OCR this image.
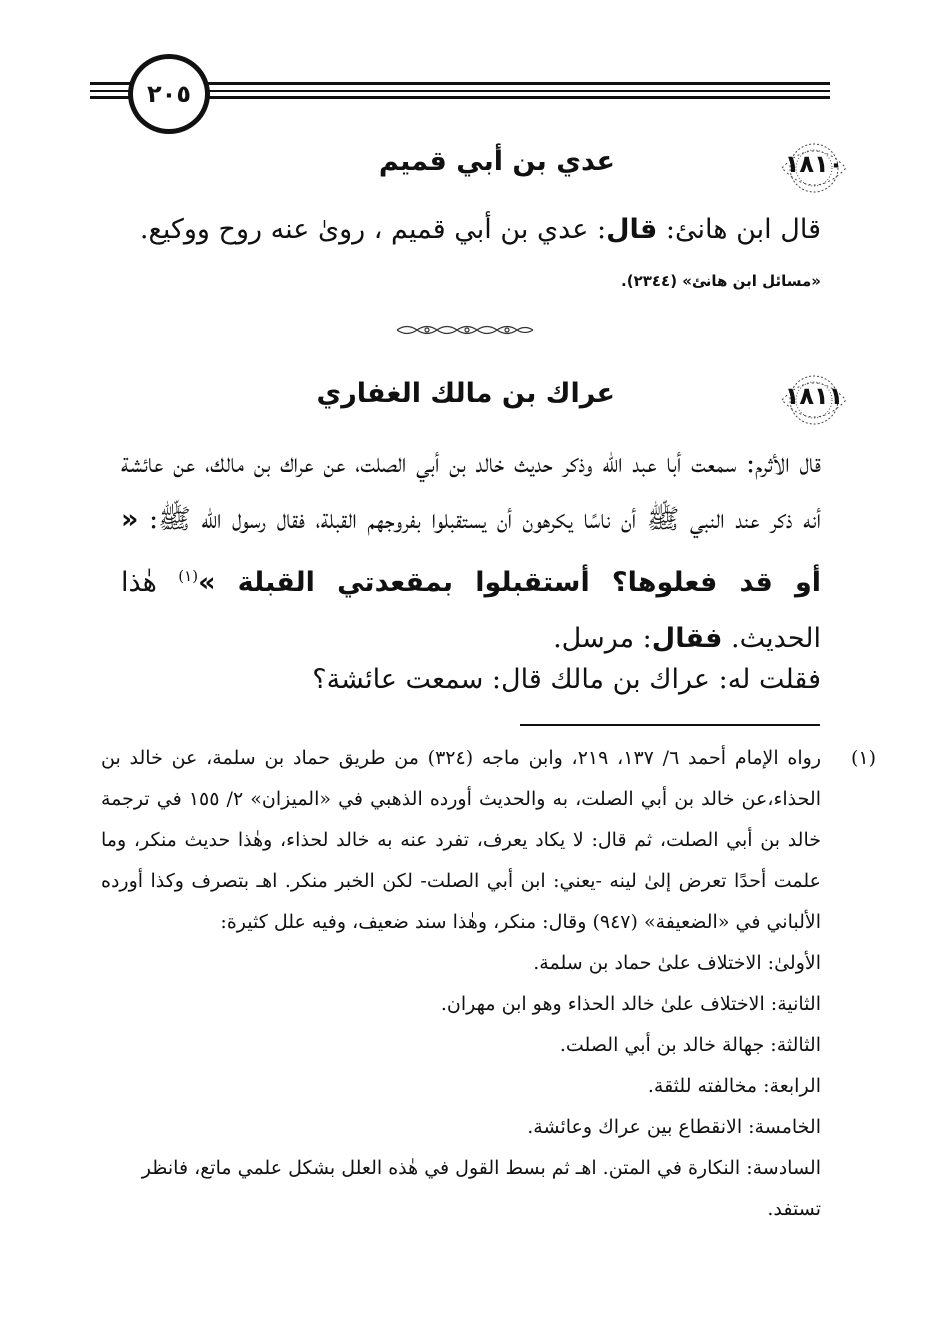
٢٠٥
١٨١٠
عدي بن أبي قميم
قال ابن هانئ: قال: عدي بن أبي قميم ، روىٰ عنه روح ووكيع.
«مسائل ابن هانئ» (٢٣٤٤).
١٨١١
عراك بن مالك الغفاري
قال الأثرم: سمعت أبا عبد الله وذكر حديث خالد بن أبي الصلت، عن عراك بن مالك، عن عائشة أنه ذكر عند النبي ﷺ أن ناسًا يكرهون أن يستقبلوا بفروجهم القبلة، فقال رسول الله ﷺ: « أو قد فعلوها؟ أستقبلوا بمقعدتي القبلة »$^{(١)}$ هٰذا الحديث. فقال: مرسل.
فقلت له: عراك بن مالك قال: سمعت عائشة؟
(١)
رواه الإمام أحمد ٦/ ١٣٧، ٢١٩، وابن ماجه (٣٢٤) من طريق حماد بن سلمة، عن خالد بن الحذاء،عن خالد بن أبي الصلت، به والحديث أورده الذهبي في «الميزان» ٢/ ١٥٥ في ترجمة خالد بن أبي الصلت، ثم قال: لا يكاد يعرف، تفرد عنه به خالد لحذاء، وهٰذا حديث منكر، وما علمت أحدًا تعرض إلىٰ لينه -يعني: ابن أبي الصلت- لكن الخبر منكر. اهـ بتصرف وكذا أورده الألباني في «الضعيفة» (٩٤٧) وقال: منكر، وهٰذا سند ضعيف، وفيه علل كثيرة:
الأولىٰ: الاختلاف علىٰ حماد بن سلمة.
الثانية: الاختلاف علىٰ خالد الحذاء وهو ابن مهران.
الثالثة: جهالة خالد بن أبي الصلت.
الرابعة: مخالفته للثقة.
الخامسة: الانقطاع بين عراك وعائشة.
السادسة: النكارة في المتن. اهـ ثم بسط القول في هٰذه العلل بشكل علمي ماتع، فانظر تستفد.
